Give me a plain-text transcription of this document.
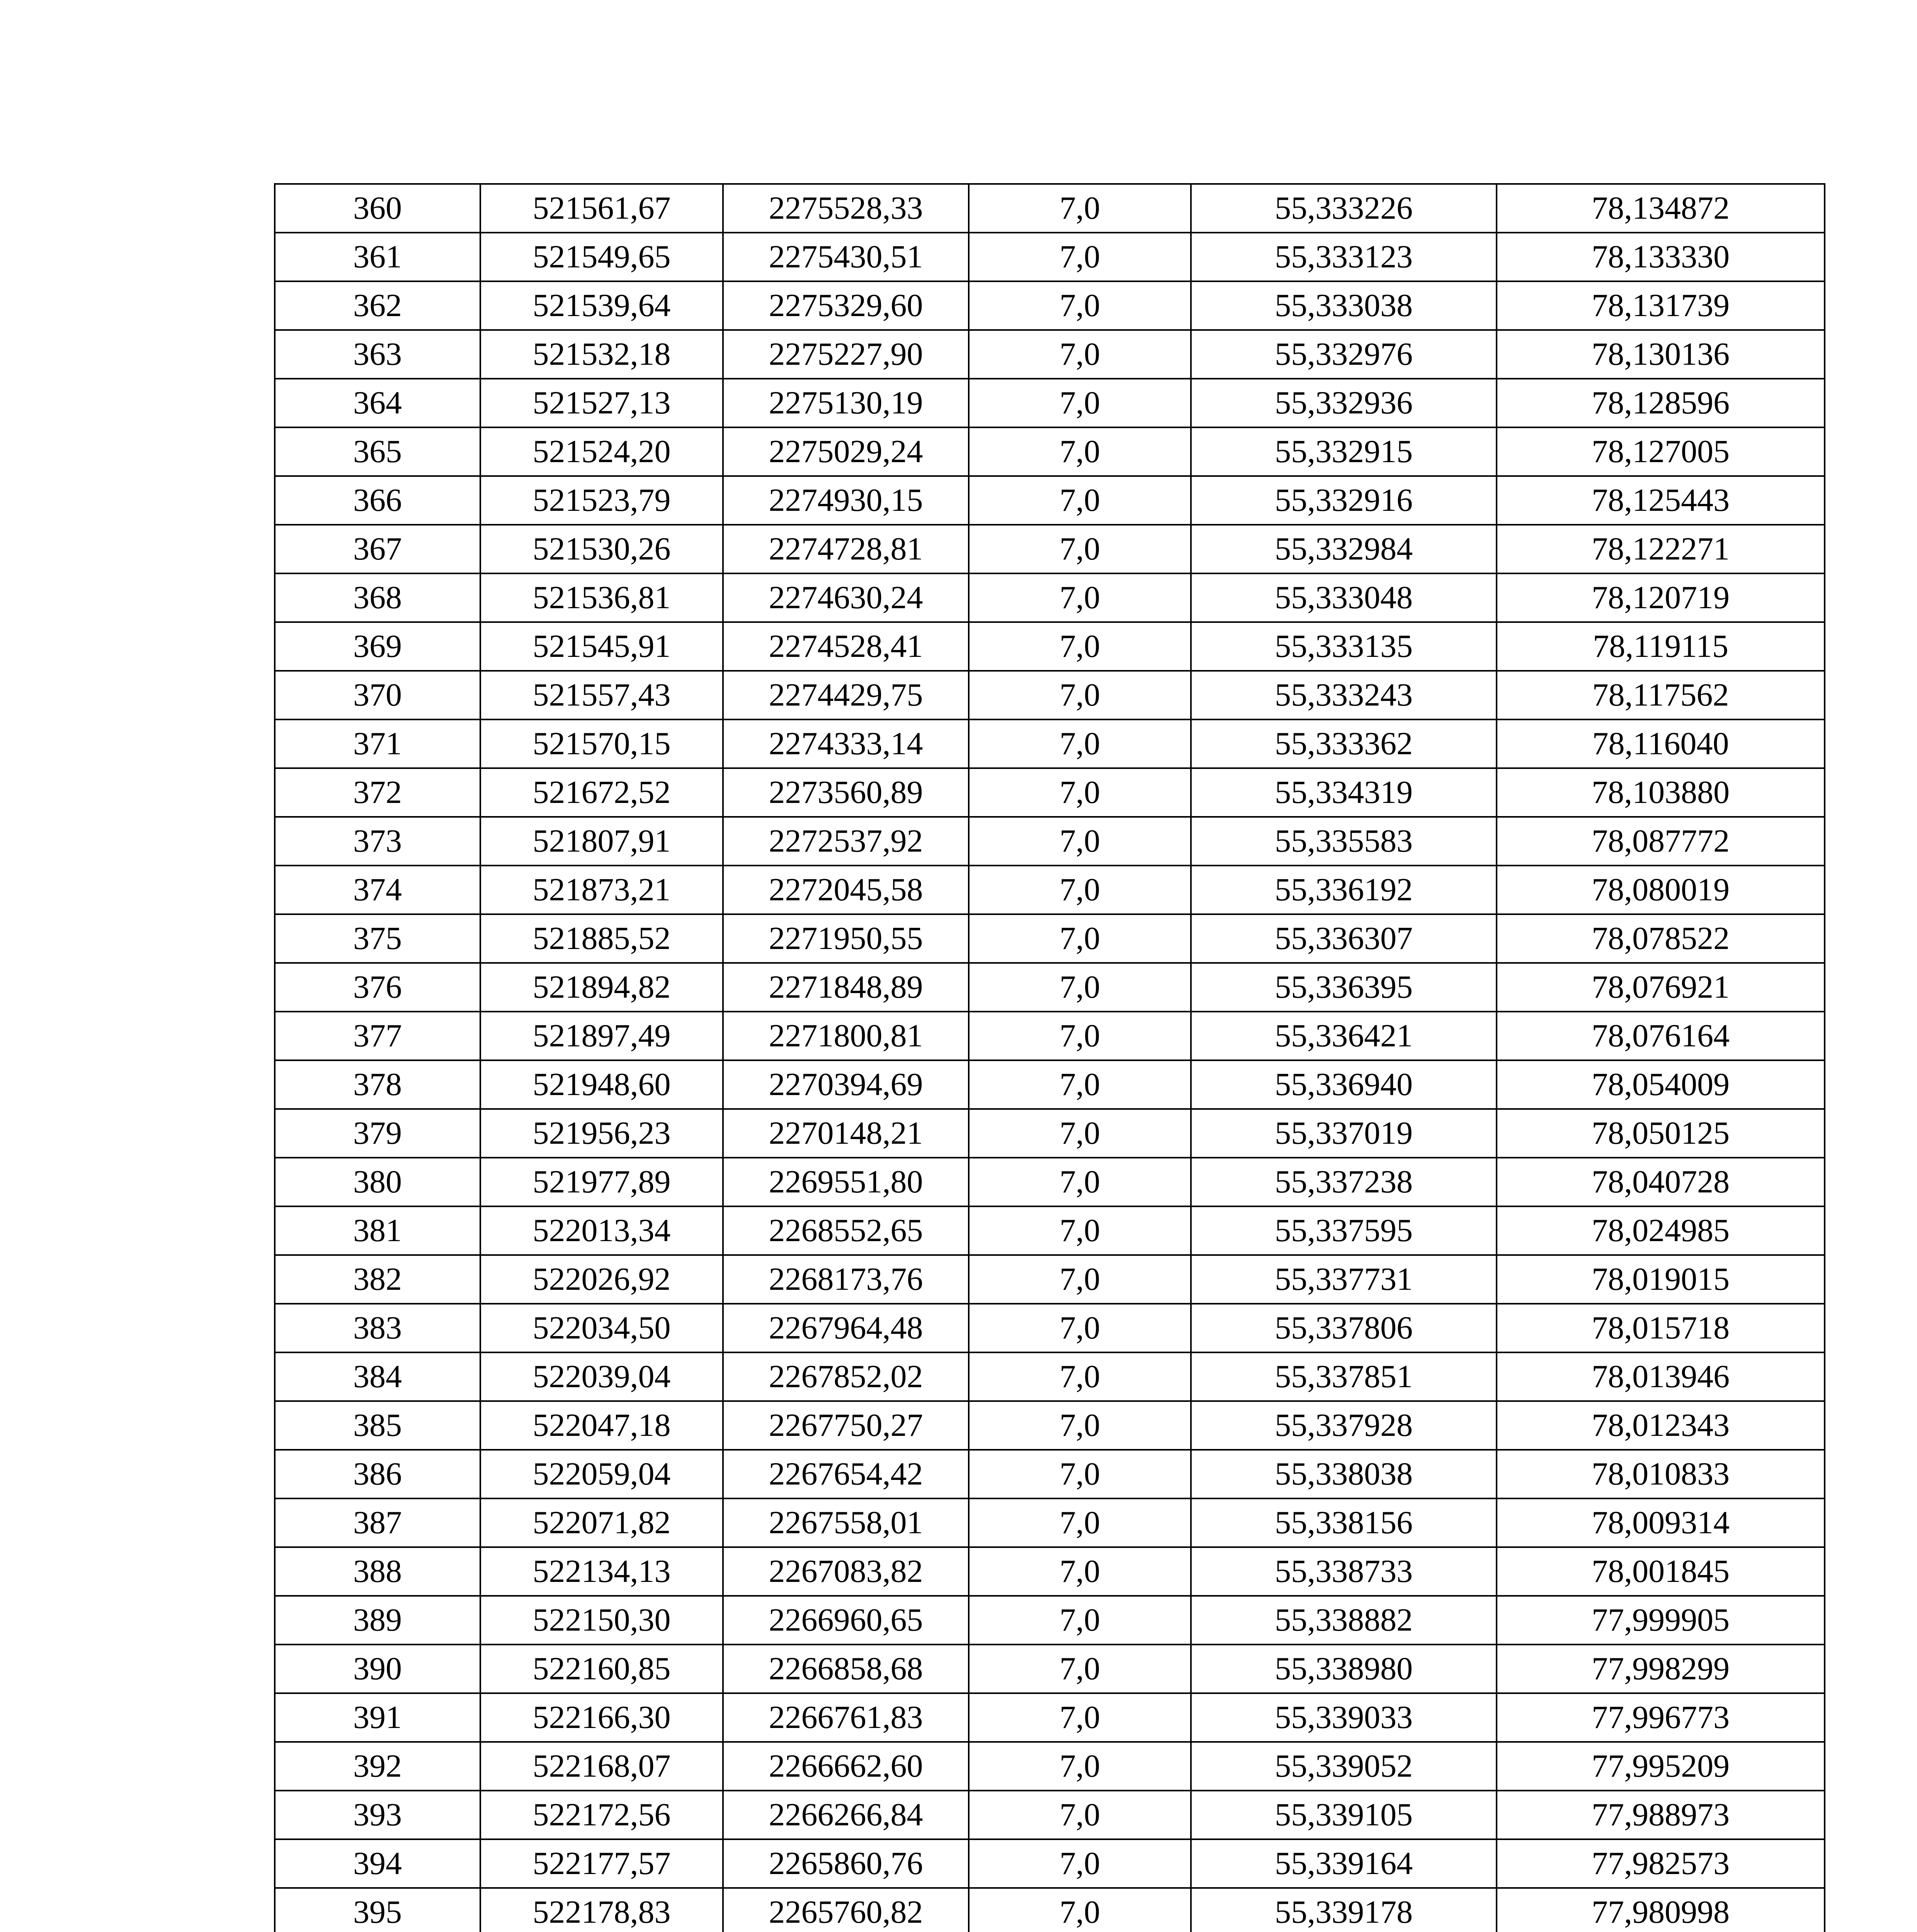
360	521561,67	2275528,33	7,0	55,333226	78,134872
361	521549,65	2275430,51	7,0	55,333123	78,133330
362	521539,64	2275329,60	7,0	55,333038	78,131739
363	521532,18	2275227,90	7,0	55,332976	78,130136
364	521527,13	2275130,19	7,0	55,332936	78,128596
365	521524,20	2275029,24	7,0	55,332915	78,127005
366	521523,79	2274930,15	7,0	55,332916	78,125443
367	521530,26	2274728,81	7,0	55,332984	78,122271
368	521536,81	2274630,24	7,0	55,333048	78,120719
369	521545,91	2274528,41	7,0	55,333135	78,119115
370	521557,43	2274429,75	7,0	55,333243	78,117562
371	521570,15	2274333,14	7,0	55,333362	78,116040
372	521672,52	2273560,89	7,0	55,334319	78,103880
373	521807,91	2272537,92	7,0	55,335583	78,087772
374	521873,21	2272045,58	7,0	55,336192	78,080019
375	521885,52	2271950,55	7,0	55,336307	78,078522
376	521894,82	2271848,89	7,0	55,336395	78,076921
377	521897,49	2271800,81	7,0	55,336421	78,076164
378	521948,60	2270394,69	7,0	55,336940	78,054009
379	521956,23	2270148,21	7,0	55,337019	78,050125
380	521977,89	2269551,80	7,0	55,337238	78,040728
381	522013,34	2268552,65	7,0	55,337595	78,024985
382	522026,92	2268173,76	7,0	55,337731	78,019015
383	522034,50	2267964,48	7,0	55,337806	78,015718
384	522039,04	2267852,02	7,0	55,337851	78,013946
385	522047,18	2267750,27	7,0	55,337928	78,012343
386	522059,04	2267654,42	7,0	55,338038	78,010833
387	522071,82	2267558,01	7,0	55,338156	78,009314
388	522134,13	2267083,82	7,0	55,338733	78,001845
389	522150,30	2266960,65	7,0	55,338882	77,999905
390	522160,85	2266858,68	7,0	55,338980	77,998299
391	522166,30	2266761,83	7,0	55,339033	77,996773
392	522168,07	2266662,60	7,0	55,339052	77,995209
393	522172,56	2266266,84	7,0	55,339105	77,988973
394	522177,57	2265860,76	7,0	55,339164	77,982573
395	522178,83	2265760,82	7,0	55,339178	77,980998
